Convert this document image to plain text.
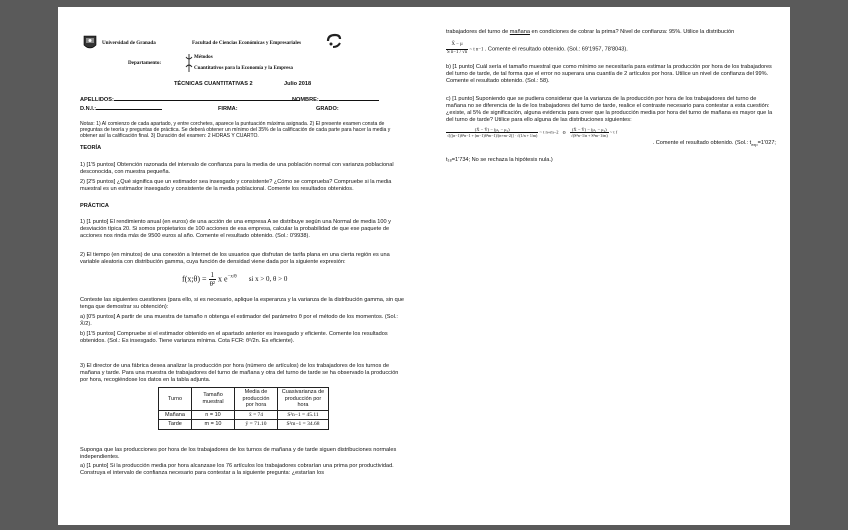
Universidad de Granada	Facultad de Ciencias Económicas y Empresariales
Departamento:
Métodos
Cuantitativos para la Economía y la Empresa
TÉCNICAS CUANTITATIVAS 2	Julio 2018
APELLIDOS:	NOMBRE:
D.N.I.:	FIRMA:	GRADO:
Notas: 1) Al comienzo de cada apartado, y entre corchetes, aparece la puntuación máxima asignada. 2) El presente examen consta de preguntas de teoría y preguntas de práctica. Se deberá obtener un mínimo del 35% de la calificación de cada parte para hacer la media y obtener así la calificación final. 3) Duración del examen: 2 HORAS Y CUARTO.
TEORÍA
1) [1'5 puntos] Obtención razonada del intervalo de confianza para la media de una población normal con varianza poblacional desconocida, con muestra pequeña.
2) [2'5 puntos] ¿Qué significa que un estimador sea insesgado y consistente? ¿Cómo se comprueba? Compruebe si la media muestral es un estimador insesgado y consistente de la media poblacional. Comente los resultados obtenidos.
PRÁCTICA
1) [1 punto] El rendimiento anual (en euros) de una acción de una empresa A se distribuye según una Normal de media 100 y desviación típica 20. Si somos propietarios de 100 acciones de esa empresa, calcular la probabilidad de que ese paquete de acciones nos rinda más de 9500 euros al año. Comente el resultado obtenido. (Sol.: 0'9938).
2) El tiempo (en minutos) de una conexión a Internet de los usuarios que disfrutan de tarifa plana en una cierta región es una variable aleatoria con distribución gamma, cuya función de densidad viene dada por la siguiente expresión:
f(x;θ) = $\frac{1}{\text{θ²}}$ x $e^{-x/\theta}$ si x > 0, θ > 0
Conteste las siguientes cuestiones (para ello, si es necesario, aplique la esperanza y la varianza de la distribución gamma, sin que tenga que demostrar su obtención):
a) [0'5 puntos] A partir de una muestra de tamaño n obtenga el estimador del parámetro θ por el método de los momentos. (Sol.: X̄/2).
b) [1'5 puntos] Compruebe si el estimador obtenido en el apartado anterior es insesgado y eficiente. Comente los resultados obtenidos. (Sol.: Es insesgado. Tiene varianza mínima. Cota FCR: θ²/2n. Es eficiente).
3) El director de una fábrica desea analizar la producción por hora (número de artículos) de los trabajadores de los turnos de mañana y tarde. Para una muestra de trabajadores del turno de mañana y otra del turno de tarde se ha observado la producción por hora, recogiéndose los datos en la tabla adjunta.
Turno	Tamaño muestral	Media de producción por hora	Cuasivarianza de producción por hora
Mañana	n = 10	x̄ = 74	S²n−1 = 45.11
Tarde	m = 10	ȳ = 71.10	S²m−1 = 34.68
Suponga que las producciones por hora de los trabajadores de los turnos de mañana y de tarde siguen distribuciones normales independientes.
a) [1 punto] Si la producción media por hora alcanzase los 76 artículos los trabajadores cobrarían una prima por productividad. Construya el intervalo de confianza necesario para contestar a la siguiente pregunta: ¿estarían los
trabajadores del turno de mañana en condiciones de cobrar la prima? Nivel de confianza: 95%. Utilice la distribución
$\frac{X̄ - \mu}{\text{S n−1 / √n}}$ ~ t n−1 . Comente el resultado obtenido. (Sol.: 69'1957, 78'8043).
b) [1 punto] Cuál sería el tamaño muestral que como mínimo se necesitaría para estimar la producción por hora de los trabajadores del turno de tarde, de tal forma que el error no superara una cuantía de 2 artículos por hora. Utilice un nivel de confianza del 99%. Comente el resultado obtenido. (Sol.: 58).
c) [1 punto] Suponiendo que se pudiera considerar que la varianza de la producción por hora de los trabajadores del turno de mañana no se diferencia de la de los trabajadores del turno de tarde, realice el contraste necesario para contestar a esta cuestión: ¿existe, al 5% de significación, alguna evidencia para creer que la producción media por hora del turno de mañana es mayor que la del turno de tarde? Utilice para ello alguna de las distribuciones siguientes:
$\frac{\text{(X̄ − Ȳ) − (μ₁ − μ₂)}}{\text{√[((n−1)S²n−1 + (m−1)S²m−1)/(n+m−2)] · √(1/n + 1/m)}}$ ~ t n+m−2 o $\frac{\text{(X̄ − Ȳ) − (μ₁ − μ₂)}}{\text{√(S²n−1/n + S²m−1/m)}}$ ~ t f
. Comente el resultado obtenido. (Sol.: $t_{exp}=1'027$;
t₁₈=1'734; No se rechaza la hipótesis nula.)
